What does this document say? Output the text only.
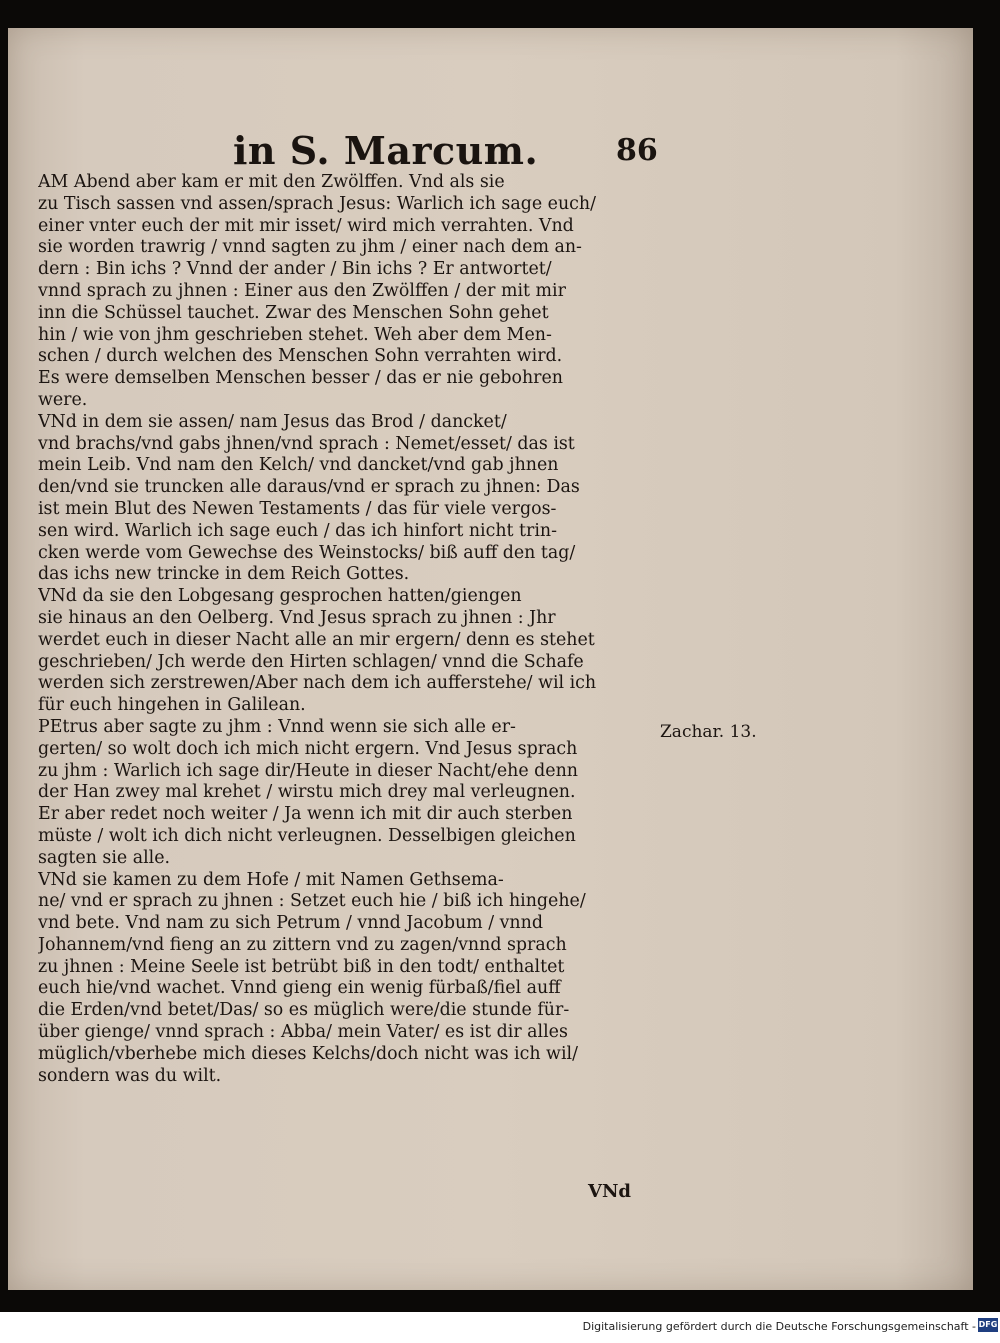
in S. Marcum.	86
AM Abend aber kam er mit den Zwölffen. Vnd als sie
zu Tisch sassen vnd assen/sprach Jesus: Warlich ich sage euch/
einer vnter euch der mit mir isset/ wird mich verrahten. Vnd
sie worden trawrig / vnnd sagten zu jhm / einer nach dem an-
dern : Bin ichs ? Vnnd der ander / Bin ichs ? Er antwortet/
vnnd sprach zu jhnen : Einer aus den Zwölffen / der mit mir
inn die Schüssel tauchet. Zwar des Menschen Sohn gehet
hin / wie von jhm geschrieben stehet. Weh aber dem Men-
schen / durch welchen des Menschen Sohn verrahten wird.
Es were demselben Menschen besser / das er nie gebohren
were.
VNd in dem sie assen/ nam Jesus das Brod / dancket/
vnd brachs/vnd gabs jhnen/vnd sprach : Nemet/esset/ das ist
mein Leib. Vnd nam den Kelch/ vnd dancket/vnd gab jhnen
den/vnd sie truncken alle daraus/vnd er sprach zu jhnen: Das
ist mein Blut des Newen Testaments / das für viele vergos-
sen wird. Warlich ich sage euch / das ich hinfort nicht trin-
cken werde vom Gewechse des Weinstocks/ biß auff den tag/
das ichs new trincke in dem Reich Gottes.
VNd da sie den Lobgesang gesprochen hatten/giengen
sie hinaus an den Oelberg. Vnd Jesus sprach zu jhnen : Jhr
werdet euch in dieser Nacht alle an mir ergern/ denn es stehet
geschrieben/ Jch werde den Hirten schlagen/ vnnd die Schafe
werden sich zerstrewen/Aber nach dem ich aufferstehe/ wil ich
für euch hingehen in Galilean.
PEtrus aber sagte zu jhm : Vnnd wenn sie sich alle er-
gerten/ so wolt doch ich mich nicht ergern. Vnd Jesus sprach
zu jhm : Warlich ich sage dir/Heute in dieser Nacht/ehe denn
der Han zwey mal krehet / wirstu mich drey mal verleugnen.
Er aber redet noch weiter / Ja wenn ich mit dir auch sterben
müste / wolt ich dich nicht verleugnen. Desselbigen gleichen
sagten sie alle.
VNd sie kamen zu dem Hofe / mit Namen Gethsema-
ne/ vnd er sprach zu jhnen : Setzet euch hie / biß ich hingehe/
vnd bete. Vnd nam zu sich Petrum / vnnd Jacobum / vnnd
Johannem/vnd fieng an zu zittern vnd zu zagen/vnnd sprach
zu jhnen : Meine Seele ist betrübt biß in den todt/ enthaltet
euch hie/vnd wachet. Vnnd gieng ein wenig fürbaß/fiel auff
die Erden/vnd betet/Das/ so es müglich were/die stunde für-
über gienge/ vnnd sprach : Abba/ mein Vater/ es ist dir alles
müglich/vberhebe mich dieses Kelchs/doch nicht was ich wil/
sondern was du wilt.
Zachar. 13.
VNd
Digitalisierung gefördert durch die Deutsche Forschungsgemeinschaft - DFG
